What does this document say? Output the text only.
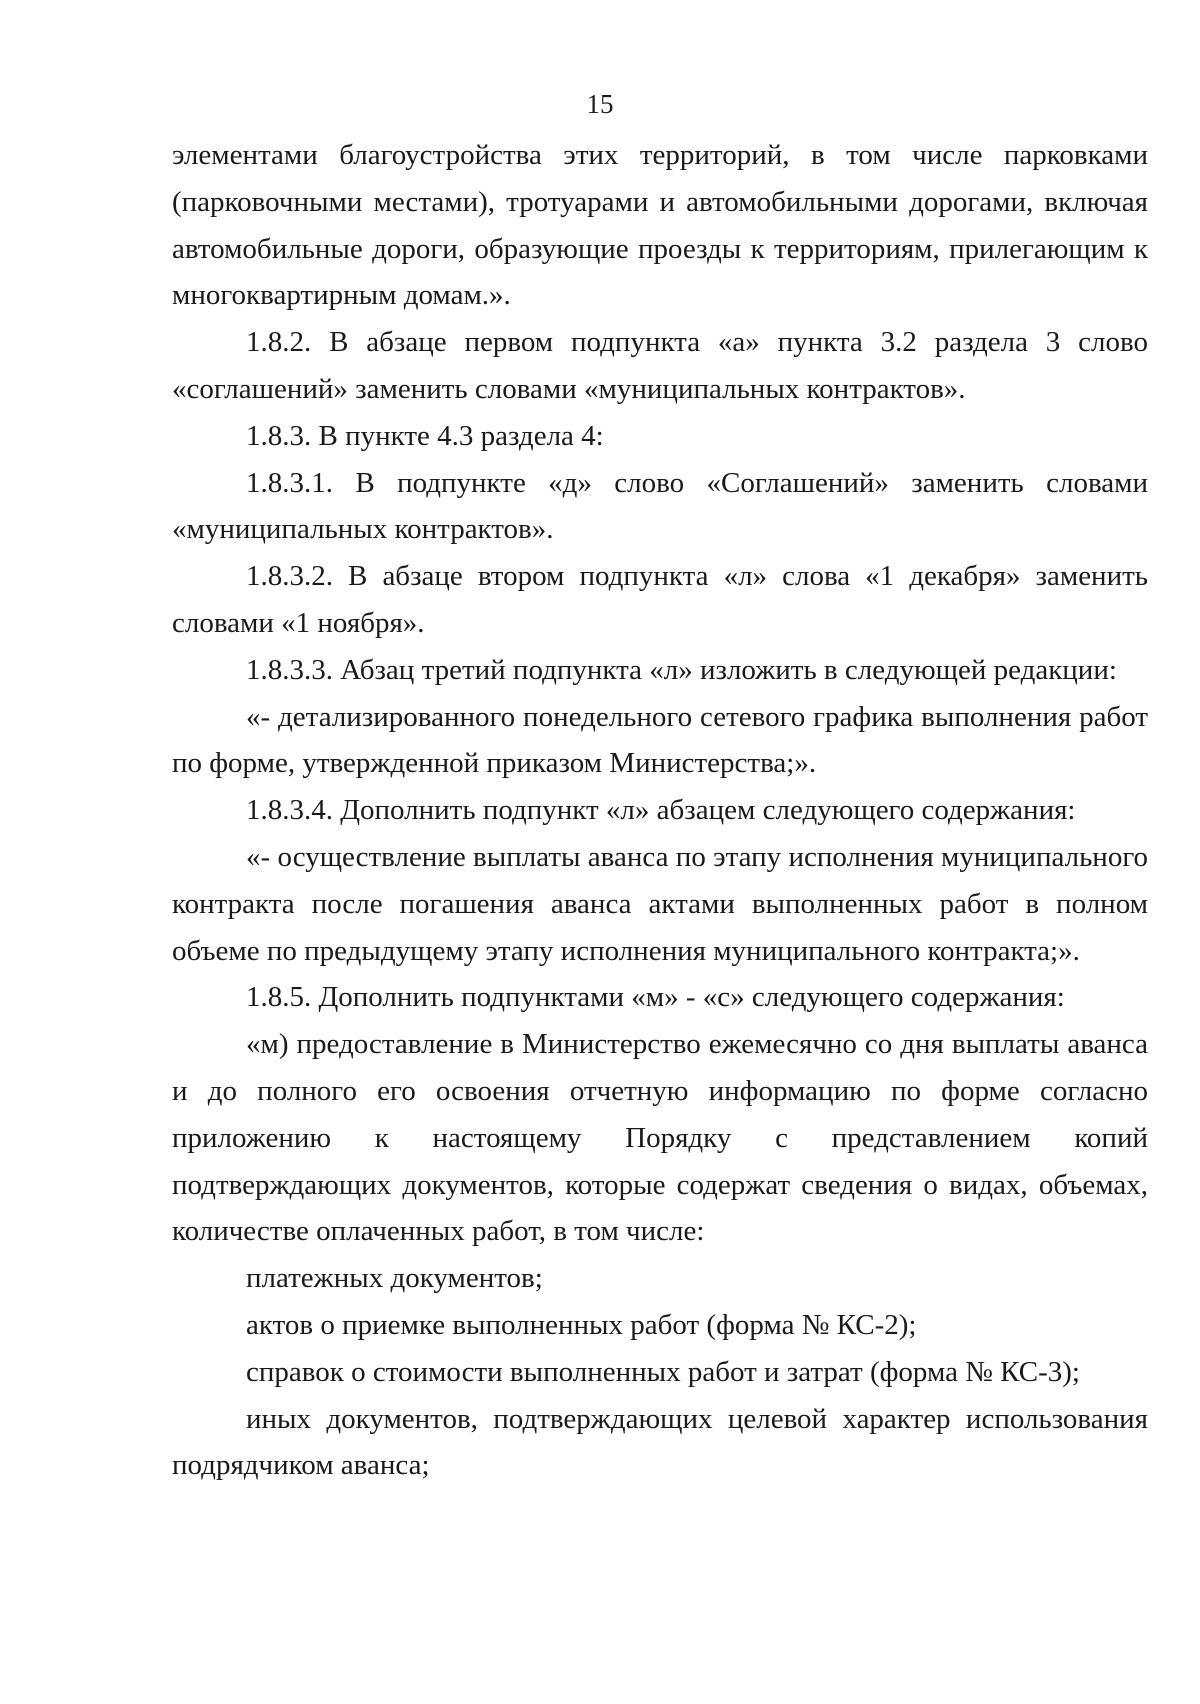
15

элементами благоустройства этих территорий, в том числе парковками (парковочными местами), тротуарами и автомобильными дорогами, включая автомобильные дороги, образующие проезды к территориям, прилегающим к многоквартирным домам.».

1.8.2. В абзаце первом подпункта «а» пункта 3.2 раздела 3 слово «соглашений» заменить словами «муниципальных контрактов».

1.8.3. В пункте 4.3 раздела 4:

1.8.3.1. В подпункте «д» слово «Соглашений» заменить словами «муниципальных контрактов».

1.8.3.2. В абзаце втором подпункта «л» слова «1 декабря» заменить словами «1 ноября».

1.8.3.3. Абзац третий подпункта «л» изложить в следующей редакции:

«- детализированного понедельного сетевого графика выполнения работ по форме, утвержденной приказом Министерства;».

1.8.3.4. Дополнить подпункт «л» абзацем следующего содержания:

«- осуществление выплаты аванса по этапу исполнения муниципального контракта после погашения аванса актами выполненных работ в полном объеме по предыдущему этапу исполнения муниципального контракта;».

1.8.5. Дополнить подпунктами «м» - «с» следующего содержания:

«м) предоставление в Министерство ежемесячно со дня выплаты аванса и до полного его освоения отчетную информацию по форме согласно приложению к настоящему Порядку с представлением копий подтверждающих документов, которые содержат сведения о видах, объемах, количестве оплаченных работ, в том числе:

платежных документов;

актов о приемке выполненных работ (форма № КС-2);

справок о стоимости выполненных работ и затрат (форма № КС-3);

иных документов, подтверждающих целевой характер использования подрядчиком аванса;
